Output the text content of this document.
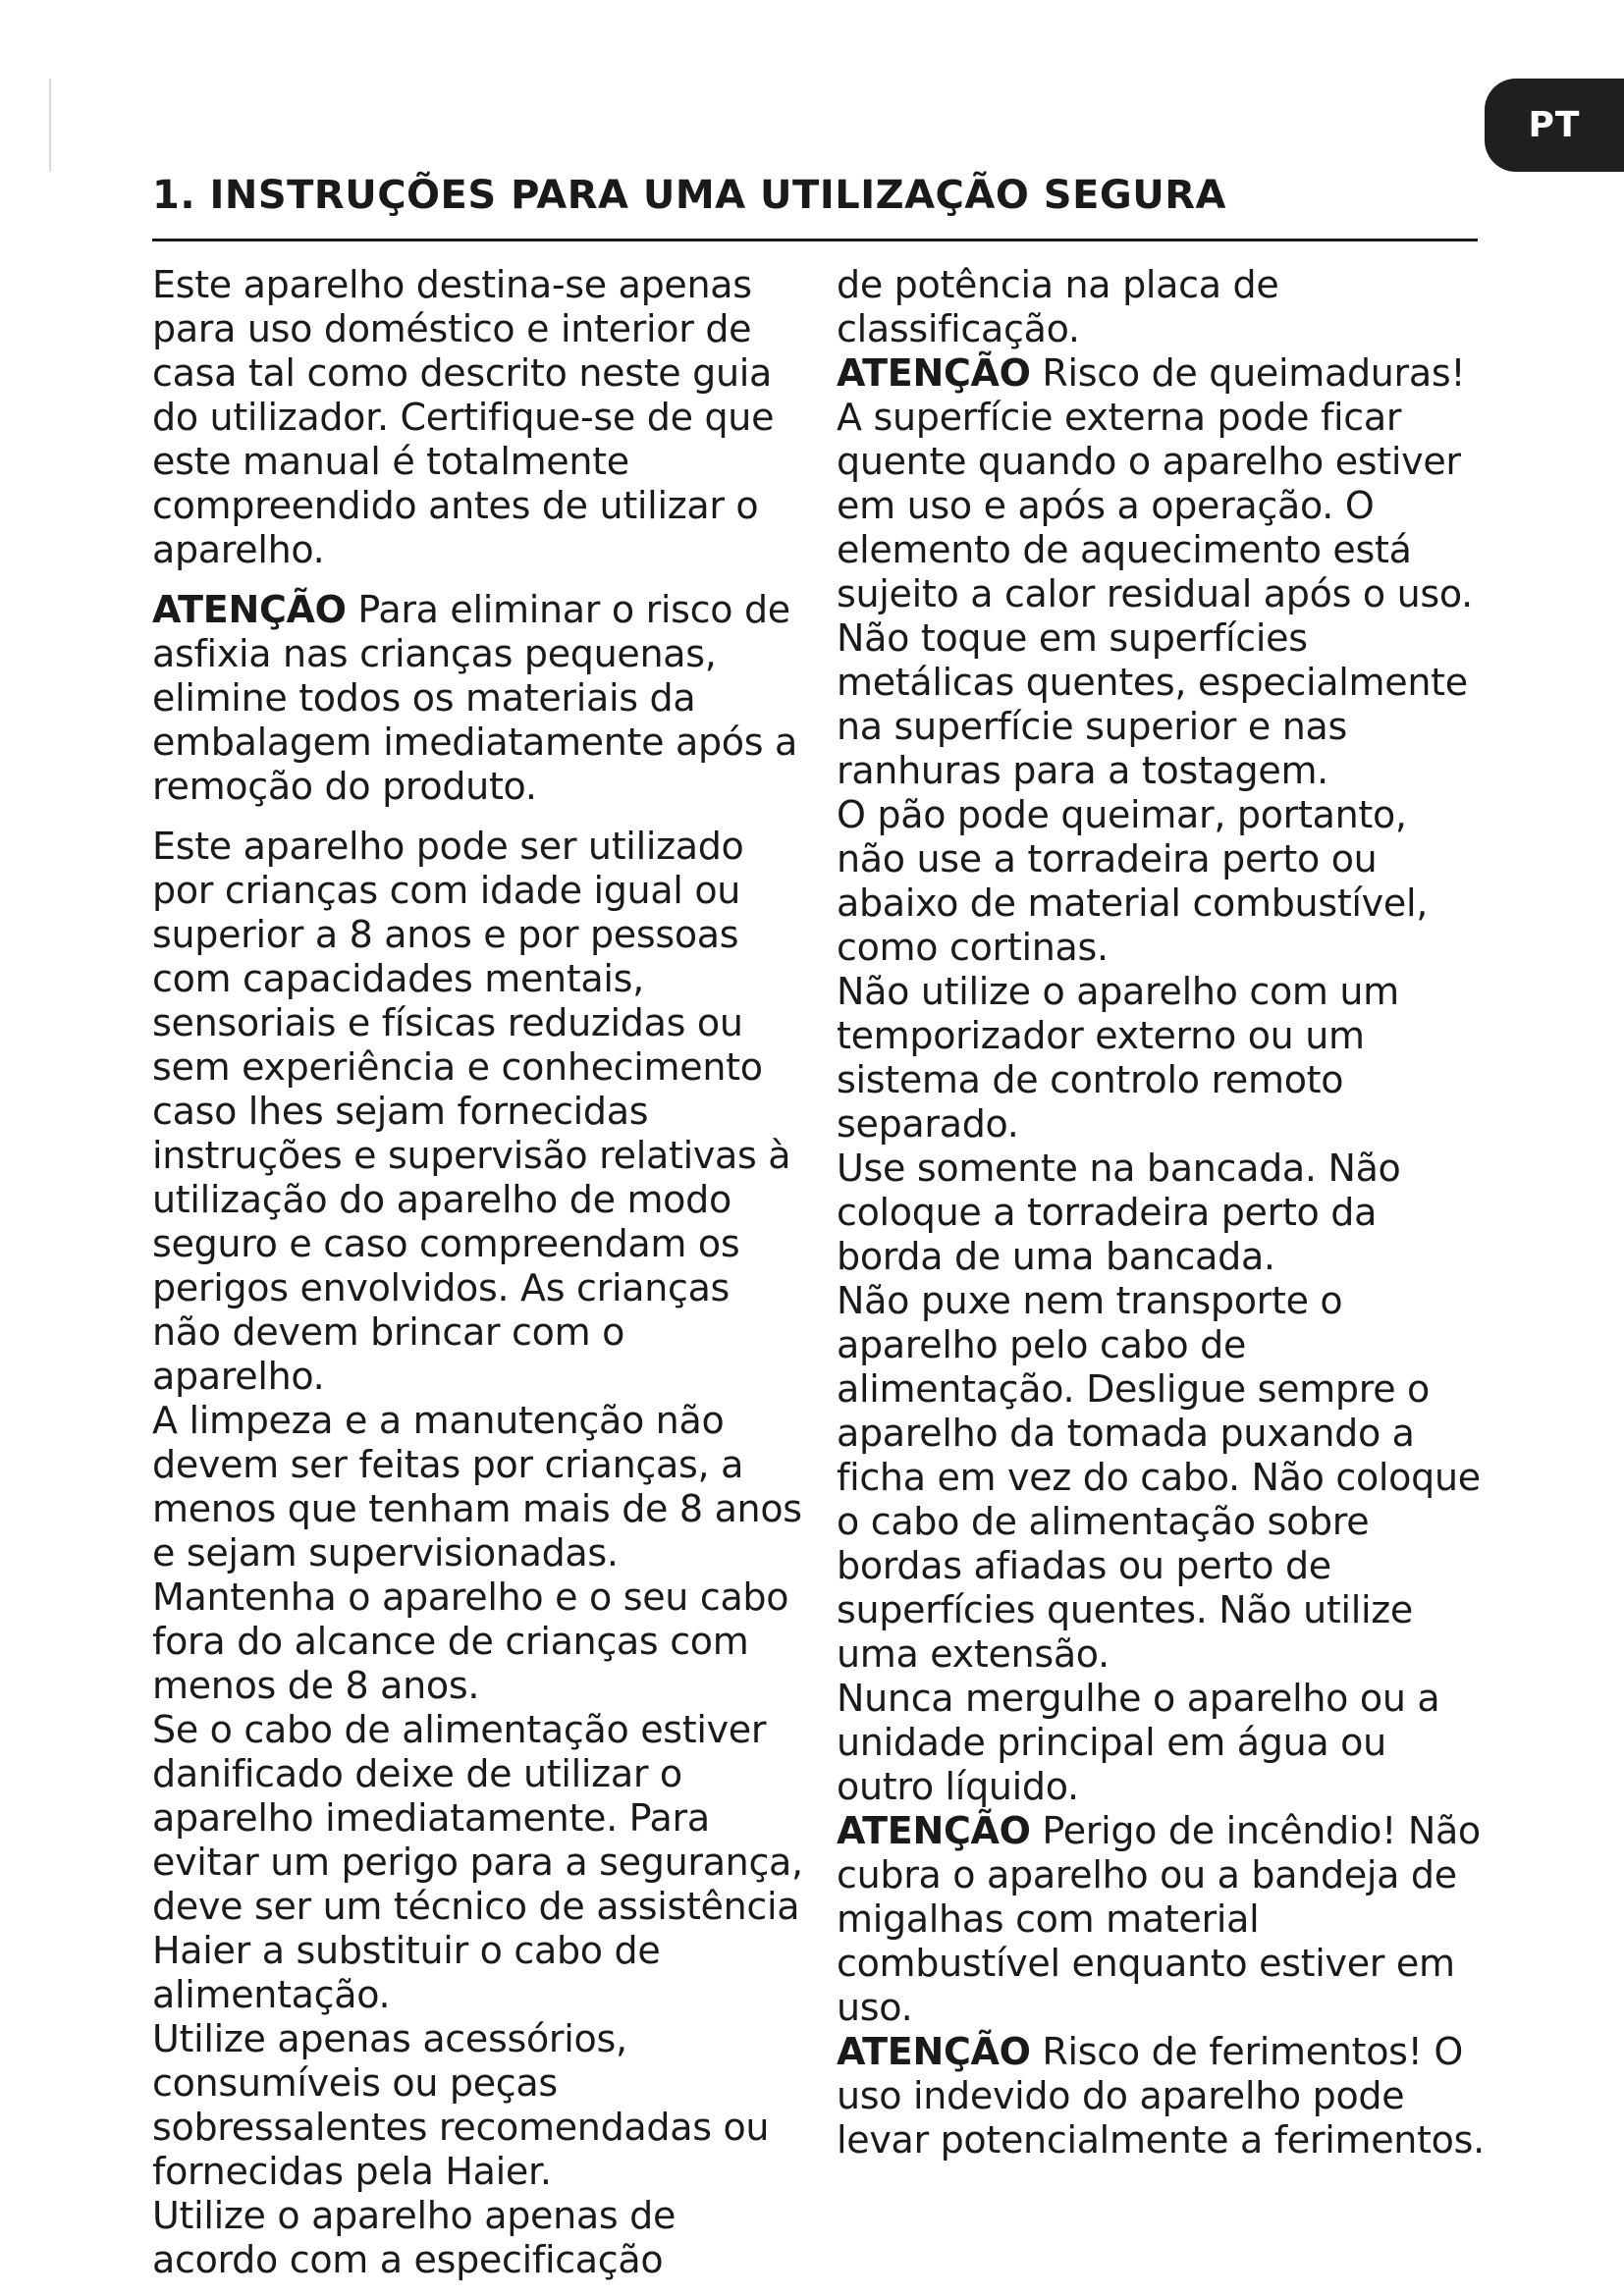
PT
1. INSTRUÇÕES PARA UMA UTILIZAÇÃO SEGURA

Este aparelho destina-se apenas para uso doméstico e interior de casa tal como descrito neste guia do utilizador. Certifique-se de que este manual é totalmente compreendido antes de utilizar o aparelho.

ATENÇÃO Para eliminar o risco de asfixia nas crianças pequenas, elimine todos os materiais da embalagem imediatamente após a remoção do produto.

Este aparelho pode ser utilizado por crianças com idade igual ou superior a 8 anos e por pessoas com capacidades mentais, sensoriais e físicas reduzidas ou sem experiência e conhecimento caso lhes sejam fornecidas instruções e supervisão relativas à utilização do aparelho de modo seguro e caso compreendam os perigos envolvidos. As crianças não devem brincar com o aparelho.

A limpeza e a manutenção não devem ser feitas por crianças, a menos que tenham mais de 8 anos e sejam supervisionadas.

Mantenha o aparelho e o seu cabo fora do alcance de crianças com menos de 8 anos.

Se o cabo de alimentação estiver danificado deixe de utilizar o aparelho imediatamente. Para evitar um perigo para a segurança, deve ser um técnico de assistência Haier a substituir o cabo de alimentação.

Utilize apenas acessórios, consumíveis ou peças sobressalentes recomendadas ou fornecidas pela Haier.

Utilize o aparelho apenas de acordo com a especificação

de potência na placa de classificação.

ATENÇÃO Risco de queimaduras! A superfície externa pode ficar quente quando o aparelho estiver em uso e após a operação. O elemento de aquecimento está sujeito a calor residual após o uso. Não toque em superfícies metálicas quentes, especialmente na superfície superior e nas ranhuras para a tostagem.

O pão pode queimar, portanto, não use a torradeira perto ou abaixo de material combustível, como cortinas.

Não utilize o aparelho com um temporizador externo ou um sistema de controlo remoto separado.

Use somente na bancada. Não coloque a torradeira perto da borda de uma bancada.

Não puxe nem transporte o aparelho pelo cabo de alimentação. Desligue sempre o aparelho da tomada puxando a ficha em vez do cabo. Não coloque o cabo de alimentação sobre bordas afiadas ou perto de superfícies quentes. Não utilize uma extensão.

Nunca mergulhe o aparelho ou a unidade principal em água ou outro líquido.

ATENÇÃO Perigo de incêndio! Não cubra o aparelho ou a bandeja de migalhas com material combustível enquanto estiver em uso.

ATENÇÃO Risco de ferimentos! O uso indevido do aparelho pode levar potencialmente a ferimentos.
